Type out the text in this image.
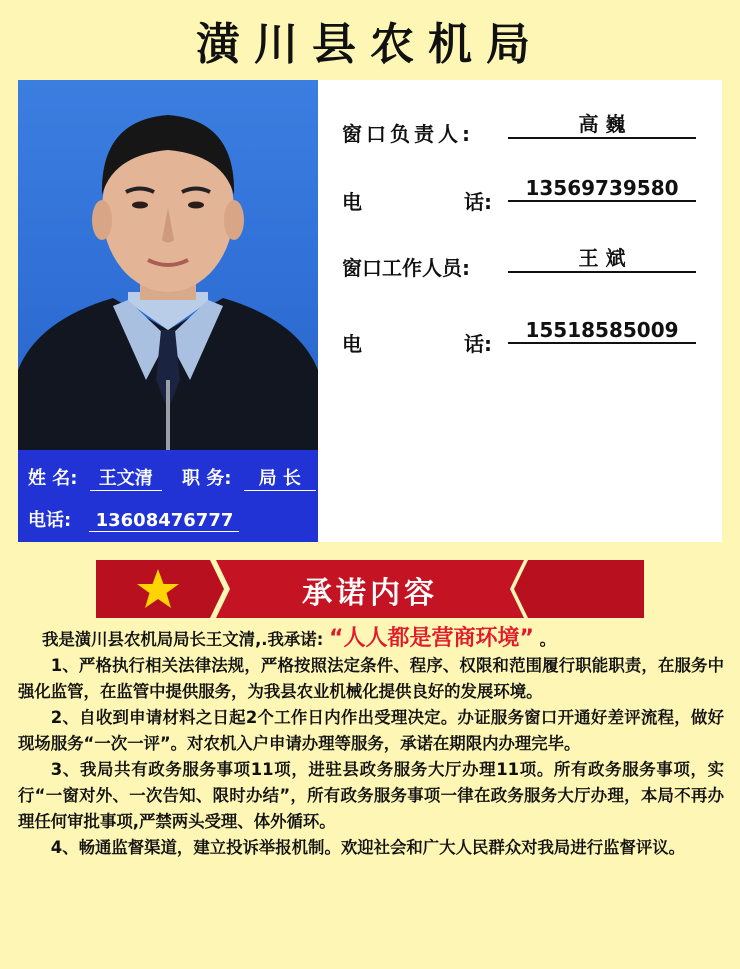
潢川县农机局
姓 名: 王文清 职 务: 局 长
电话: 13608476777
窗口负责人:	高 巍
电	话:
13569739580
窗口工作人员:	王 斌
电	话:
15518585009
承诺内容

我是潢川县农机局局长王文清,.我承诺: “人人都是营商环境” 。

1、严格执行相关法律法规，严格按照法定条件、程序、权限和范围履行职能职责，在服务中强化监管，在监管中提供服务，为我县农业机械化提供良好的发展环境。

2、自收到申请材料之日起2个工作日内作出受理决定。办证服务窗口开通好差评流程，做好现场服务“一次一评”。对农机入户申请办理等服务，承诺在期限内办理完毕。

3、我局共有政务服务事项11项，进驻县政务服务大厅办理11项。所有政务服务事项，实行“一窗对外、一次告知、限时办结”，所有政务服务事项一律在政务服务大厅办理，本局不再办理任何审批事项,严禁两头受理、体外循环。

4、畅通监督渠道，建立投诉举报机制。欢迎社会和广大人民群众对我局进行监督评议。
